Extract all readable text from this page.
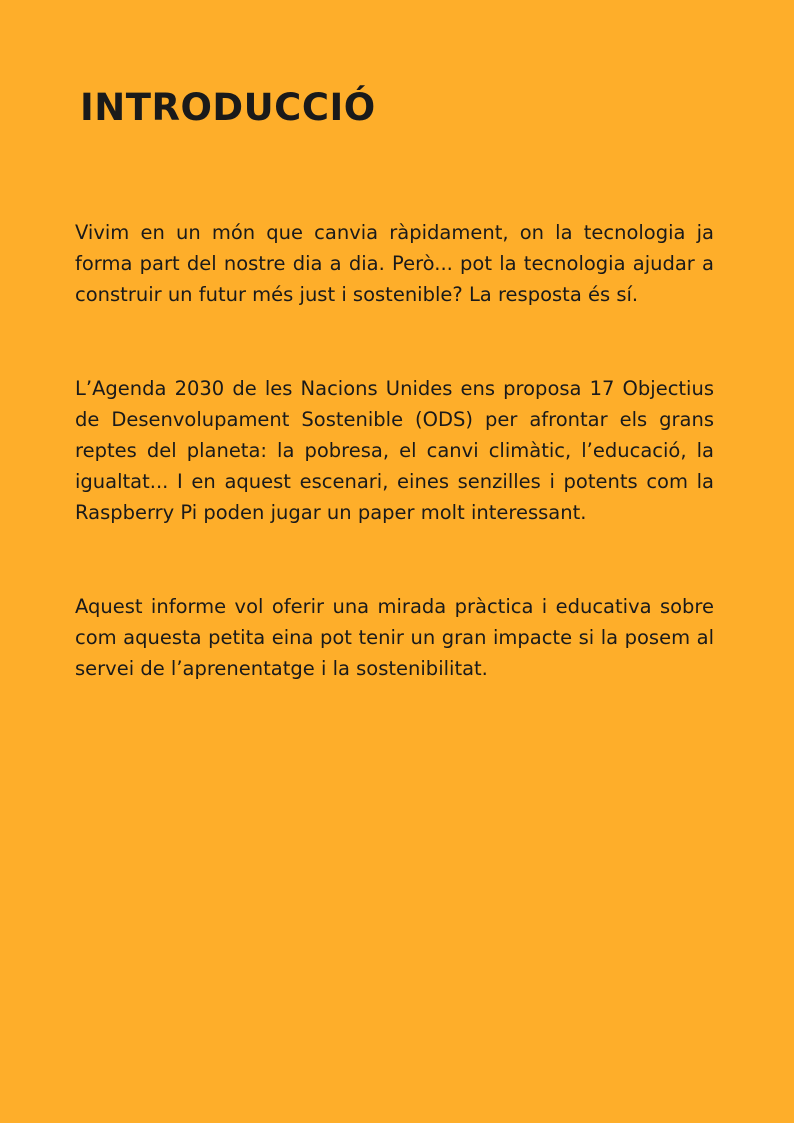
INTRODUCCIÓ

Vivim en un món que canvia ràpidament, on la tecnologia ja forma part del nostre dia a dia. Però... pot la tecnologia ajudar a construir un futur més just i sostenible? La resposta és sí.

L’Agenda 2030 de les Nacions Unides ens proposa 17 Objectius de Desenvolupament Sostenible (ODS) per afrontar els grans reptes del planeta: la pobresa, el canvi climàtic, l’educació, la igualtat... I en aquest escenari, eines senzilles i potents com la Raspberry Pi poden jugar un paper molt interessant.

Aquest informe vol oferir una mirada pràctica i educativa sobre com aquesta petita eina pot tenir un gran impacte si la posem al servei de l’aprenentatge i la sostenibilitat.
